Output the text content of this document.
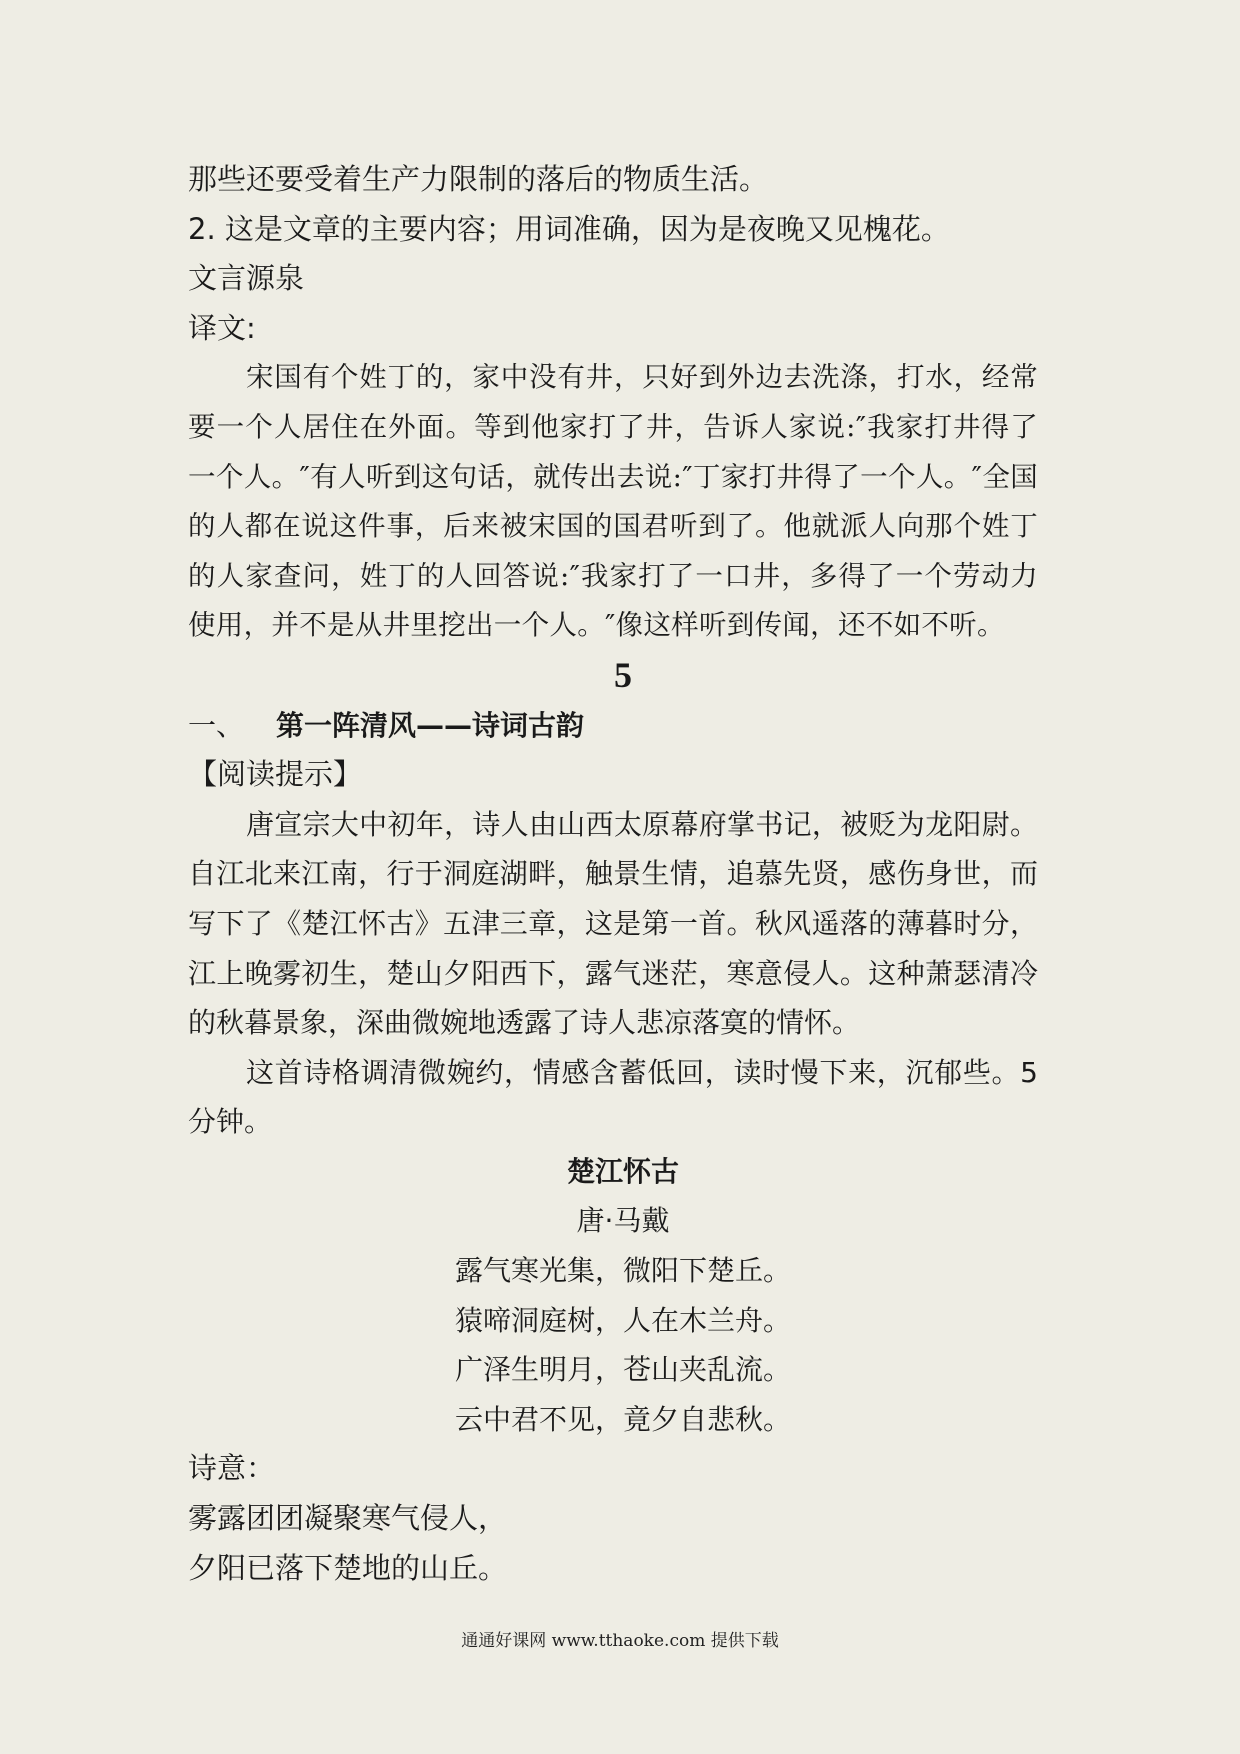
那些还要受着生产力限制的落后的物质生活。

2. 这是文章的主要内容；用词准确，因为是夜晚又见槐花。

文言源泉

译文:

宋国有个姓丁的，家中没有井，只好到外边去洗涤，打水，经常要一个人居住在外面。等到他家打了井，告诉人家说:″我家打井得了一个人。″有人听到这句话，就传出去说:″丁家打井得了一个人。″全国的人都在说这件事，后来被宋国的国君听到了。他就派人向那个姓丁的人家查问，姓丁的人回答说:″我家打了一口井，多得了一个劳动力使用，并不是从井里挖出一个人。″像这样听到传闻，还不如不听。

5

一、 第一阵清风——诗词古韵

【阅读提示】

唐宣宗大中初年，诗人由山西太原幕府掌书记，被贬为龙阳尉。自江北来江南，行于洞庭湖畔，触景生情，追慕先贤，感伤身世，而写下了《楚江怀古》五津三章，这是第一首。秋风遥落的薄暮时分，江上晚雾初生，楚山夕阳西下，露气迷茫，寒意侵人。这种萧瑟清冷的秋暮景象，深曲微婉地透露了诗人悲凉落寞的情怀。

这首诗格调清微婉约，情感含蓄低回，读时慢下来，沉郁些。5分钟。

楚江怀古

唐·马戴

露气寒光集，微阳下楚丘。

猿啼洞庭树，人在木兰舟。

广泽生明月，苍山夹乱流。

云中君不见，竟夕自悲秋。

诗意：

雾露团团凝聚寒气侵人，

夕阳已落下楚地的山丘。

通通好课网 www.tthaoke.com 提供下载
